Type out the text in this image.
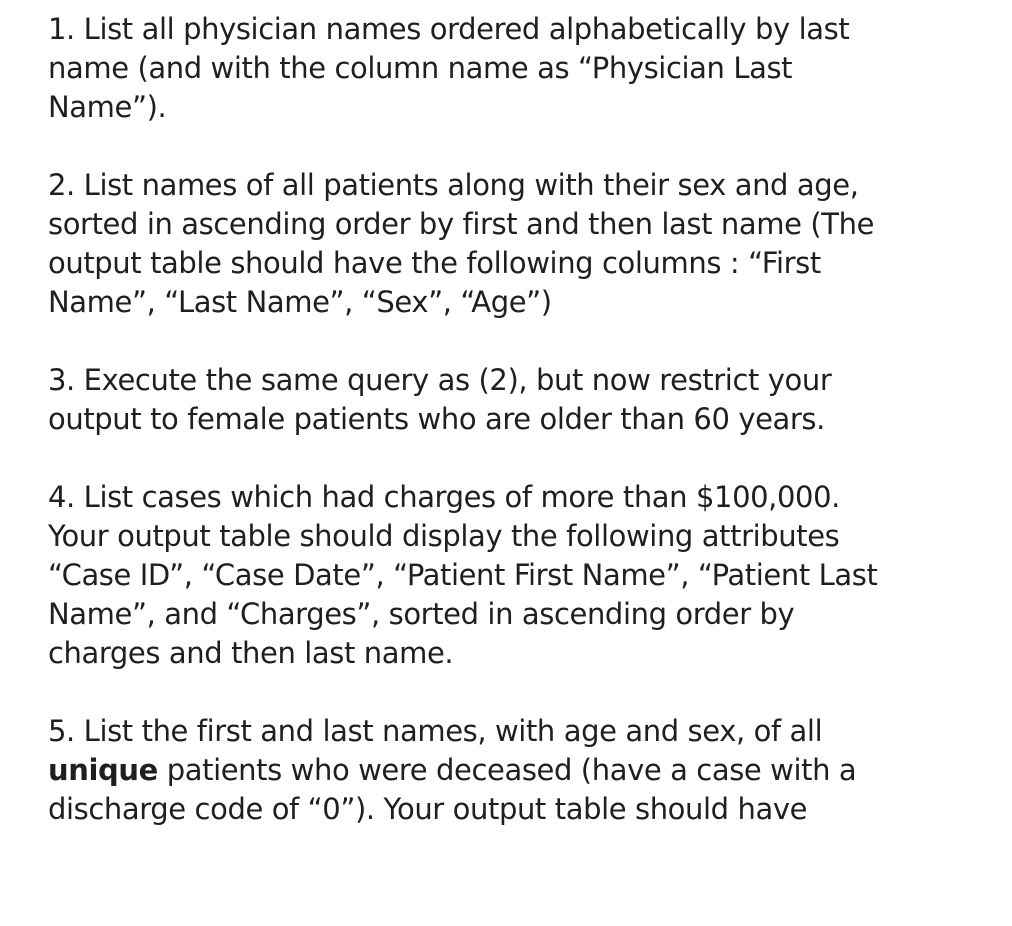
1. List all physician names ordered alphabetically by last
name (and with the column name as “Physician Last
Name”).
2. List names of all patients along with their sex and age,
sorted in ascending order by first and then last name (The
output table should have the following columns : “First
Name”, “Last Name”, “Sex”, “Age”)
3. Execute the same query as (2), but now restrict your
output to female patients who are older than 60 years.
4. List cases which had charges of more than $100,000.
Your output table should display the following attributes
“Case ID”, “Case Date”, “Patient First Name”, “Patient Last
Name”, and “Charges”, sorted in ascending order by
charges and then last name.
5. List the first and last names, with age and sex, of all
unique patients who were deceased (have a case with a
discharge code of “0”). Your output table should have
